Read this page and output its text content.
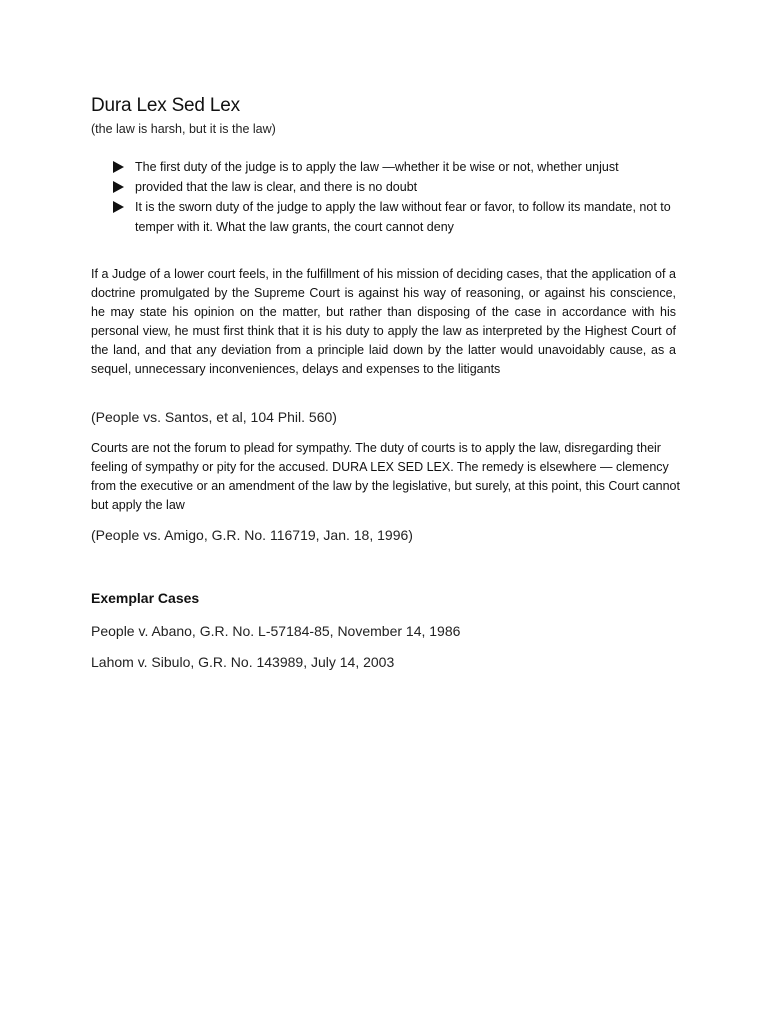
Dura Lex Sed Lex
(the law is harsh, but it is the law)
The first duty of the judge is to apply the law —whether it be wise or not, whether unjust
provided that the law is clear, and there is no doubt
It is the sworn duty of the judge to apply the law without fear or favor, to follow its mandate, not to temper with it. What the law grants, the court cannot deny

If a Judge of a lower court feels, in the fulfillment of his mission of deciding cases, that the application of a doctrine promulgated by the Supreme Court is against his way of reasoning, or against his conscience, he may state his opinion on the matter, but rather than disposing of the case in accordance with his personal view, he must first think that it is his duty to apply the law as interpreted by the Highest Court of the land, and that any deviation from a principle laid down by the latter would unavoidably cause, as a sequel, unnecessary inconveniences, delays and expenses to the litigants

(People vs. Santos, et al, 104 Phil. 560)

Courts are not the forum to plead for sympathy. The duty of courts is to apply the law, disregarding their feeling of sympathy or pity for the accused. DURA LEX SED LEX. The remedy is elsewhere — clemency from the executive or an amendment of the law by the legislative, but surely, at this point, this Court cannot but apply the law

(People vs. Amigo, G.R. No. 116719, Jan. 18, 1996)
Exemplar Cases
People v. Abano, G.R. No. L-57184-85, November 14, 1986
Lahom v. Sibulo, G.R. No. 143989, July 14, 2003
